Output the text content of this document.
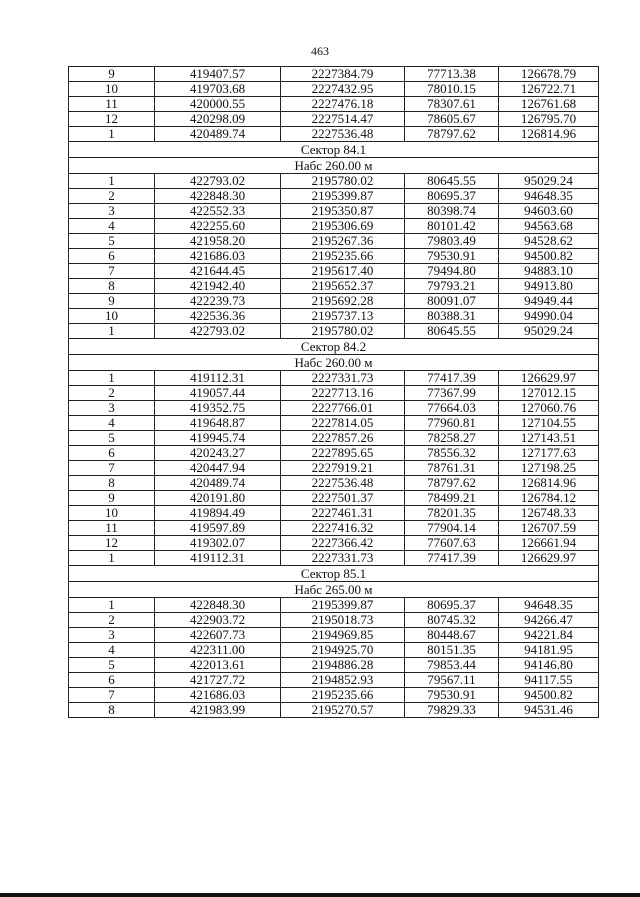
463
9	419407.57	2227384.79	77713.38	126678.79
10	419703.68	2227432.95	78010.15	126722.71
11	420000.55	2227476.18	78307.61	126761.68
12	420298.09	2227514.47	78605.67	126795.70
1	420489.74	2227536.48	78797.62	126814.96
Сектор 84.1				
Набс 260.00 м				
1	422793.02	2195780.02	80645.55	95029.24
2	422848.30	2195399.87	80695.37	94648.35
3	422552.33	2195350.87	80398.74	94603.60
4	422255.60	2195306.69	80101.42	94563.68
5	421958.20	2195267.36	79803.49	94528.62
6	421686.03	2195235.66	79530.91	94500.82
7	421644.45	2195617.40	79494.80	94883.10
8	421942.40	2195652.37	79793.21	94913.80
9	422239.73	2195692.28	80091.07	94949.44
10	422536.36	2195737.13	80388.31	94990.04
1	422793.02	2195780.02	80645.55	95029.24
Сектор 84.2				
Набс 260.00 м				
1	419112.31	2227331.73	77417.39	126629.97
2	419057.44	2227713.16	77367.99	127012.15
3	419352.75	2227766.01	77664.03	127060.76
4	419648.87	2227814.05	77960.81	127104.55
5	419945.74	2227857.26	78258.27	127143.51
6	420243.27	2227895.65	78556.32	127177.63
7	420447.94	2227919.21	78761.31	127198.25
8	420489.74	2227536.48	78797.62	126814.96
9	420191.80	2227501.37	78499.21	126784.12
10	419894.49	2227461.31	78201.35	126748.33
11	419597.89	2227416.32	77904.14	126707.59
12	419302.07	2227366.42	77607.63	126661.94
1	419112.31	2227331.73	77417.39	126629.97
Сектор 85.1				
Набс 265.00 м				
1	422848.30	2195399.87	80695.37	94648.35
2	422903.72	2195018.73	80745.32	94266.47
3	422607.73	2194969.85	80448.67	94221.84
4	422311.00	2194925.70	80151.35	94181.95
5	422013.61	2194886.28	79853.44	94146.80
6	421727.72	2194852.93	79567.11	94117.55
7	421686.03	2195235.66	79530.91	94500.82
8	421983.99	2195270.57	79829.33	94531.46
